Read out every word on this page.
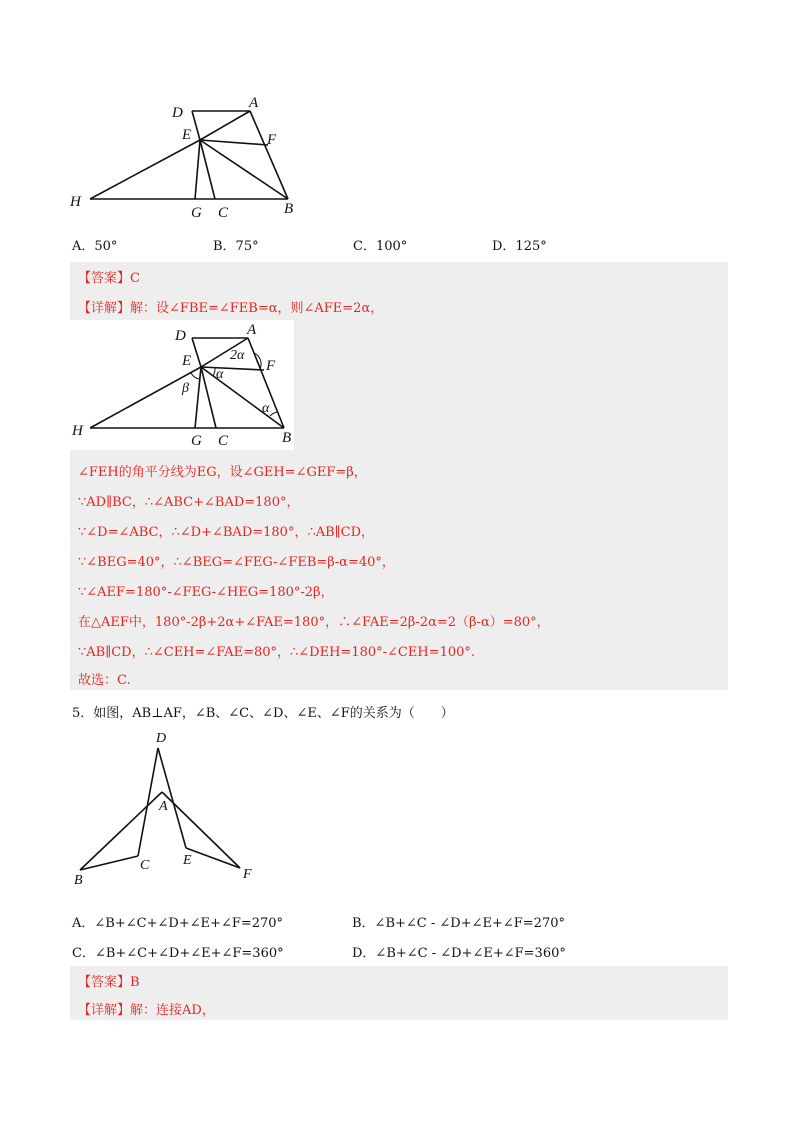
D
A
E	F
H
G C	B
A．50°	B．75°	C．100°	D．125°
【答案】C
【详解】解：设∠FBE=∠FEB=α，则∠AFE=2α，
D	A
E	F
2α
α
α
β
H
G C	B
∠FEH的角平分线为EG，设∠GEH=∠GEF=β，
∵AD∥BC，∴∠ABC+∠BAD=180°，
∵∠D=∠ABC，∴∠D+∠BAD=180°，∴AB∥CD，
∵∠BEG=40°，∴∠BEG=∠FEG-∠FEB=β-α=40°，
∵∠AEF=180°-∠FEG-∠HEG=180°-2β，
在△AEF中，180°-2β+2α+∠FAE=180°，∴∠FAE=2β-2α=2（β-α）=80°，
∵AB∥CD，∴∠CEH=∠FAE=80°，∴∠DEH=180°-∠CEH=100°.
故选：C.
5．如图，AB⊥AF，∠B、∠C、∠D、∠E、∠F的关系为（　　）
D
A
B
C E
F
A．∠B+∠C+∠D+∠E+∠F=270°	B．∠B+∠C - ∠D+∠E+∠F=270°
C．∠B+∠C+∠D+∠E+∠F=360°	D．∠B+∠C - ∠D+∠E+∠F=360°
【答案】B
【详解】解：连接AD，
